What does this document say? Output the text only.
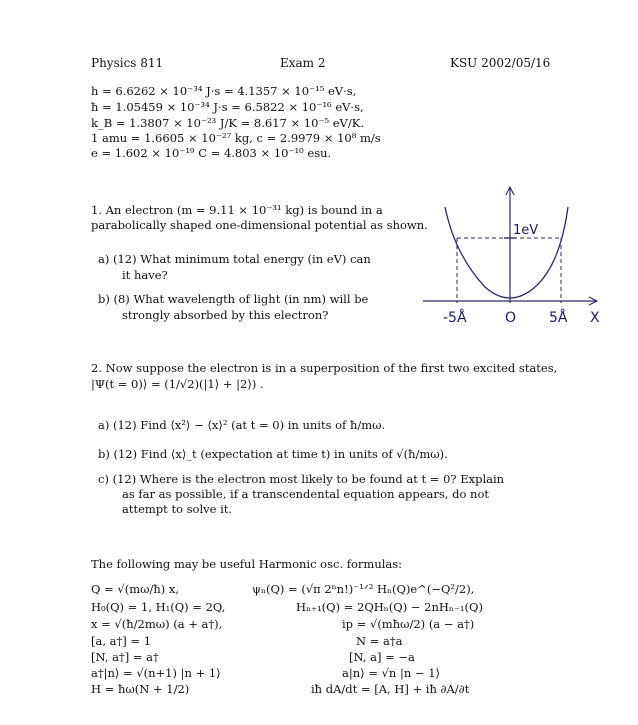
Physics 811	Exam 2	KSU 2002/05/16
h = 6.6262 × 10⁻³⁴ J·s = 4.1357 × 10⁻¹⁵ eV·s,
ħ = 1.05459 × 10⁻³⁴ J·s = 6.5822 × 10⁻¹⁶ eV·s,
k_B = 1.3807 × 10⁻²³ J/K = 8.617 × 10⁻⁵ eV/K.
1 amu = 1.6605 × 10⁻²⁷ kg, c = 2.9979 × 10⁸ m/s
e = 1.602 × 10⁻¹⁹ C = 4.803 × 10⁻¹⁰ esu.
1. An electron (m = 9.11 × 10⁻³¹ kg) is bound in a
parabolically shaped one-dimensional potential as shown.
a) (12) What minimum total energy (in eV) can
it have?
b) (8) What wavelength of light (in nm) will be
strongly absorbed by this electron?
1eV
-5Å	O 5Å X
2. Now suppose the electron is in a superposition of the first two excited states,
|Ψ(t = 0)⟩ = (1/√2)(|1⟩ + |2⟩) .
a) (12) Find ⟨x²⟩ − ⟨x⟩² (at t = 0) in units of ħ/mω.
b) (12) Find ⟨x⟩_t (expectation at time t) in units of √(ħ/mω).
c) (12) Where is the electron most likely to be found at t = 0? Explain
as far as possible, if a transcendental equation appears, do not
attempt to solve it.
The following may be useful Harmonic osc. formulas:
Q = √(mω/ħ) x,
H₀(Q) = 1, H₁(Q) = 2Q,
x = √(ħ/2mω) (a + a†),
[a, a†] = 1
[N, a†] = a†
a†|n⟩ = √(n+1) |n + 1⟩
H = ħω(N + 1/2)
ψₙ(Q) = (√π 2ⁿn!)⁻¹ᐟ² Hₙ(Q)e^(−Q²/2),
Hₙ₊₁(Q) = 2QHₙ(Q) − 2nHₙ₋₁(Q)
ip = √(mħω/2) (a − a†)
N = a†a
[N, a] = −a
a|n⟩ = √n |n − 1⟩
iħ dA/dt = [A, H] + iħ ∂A/∂t
